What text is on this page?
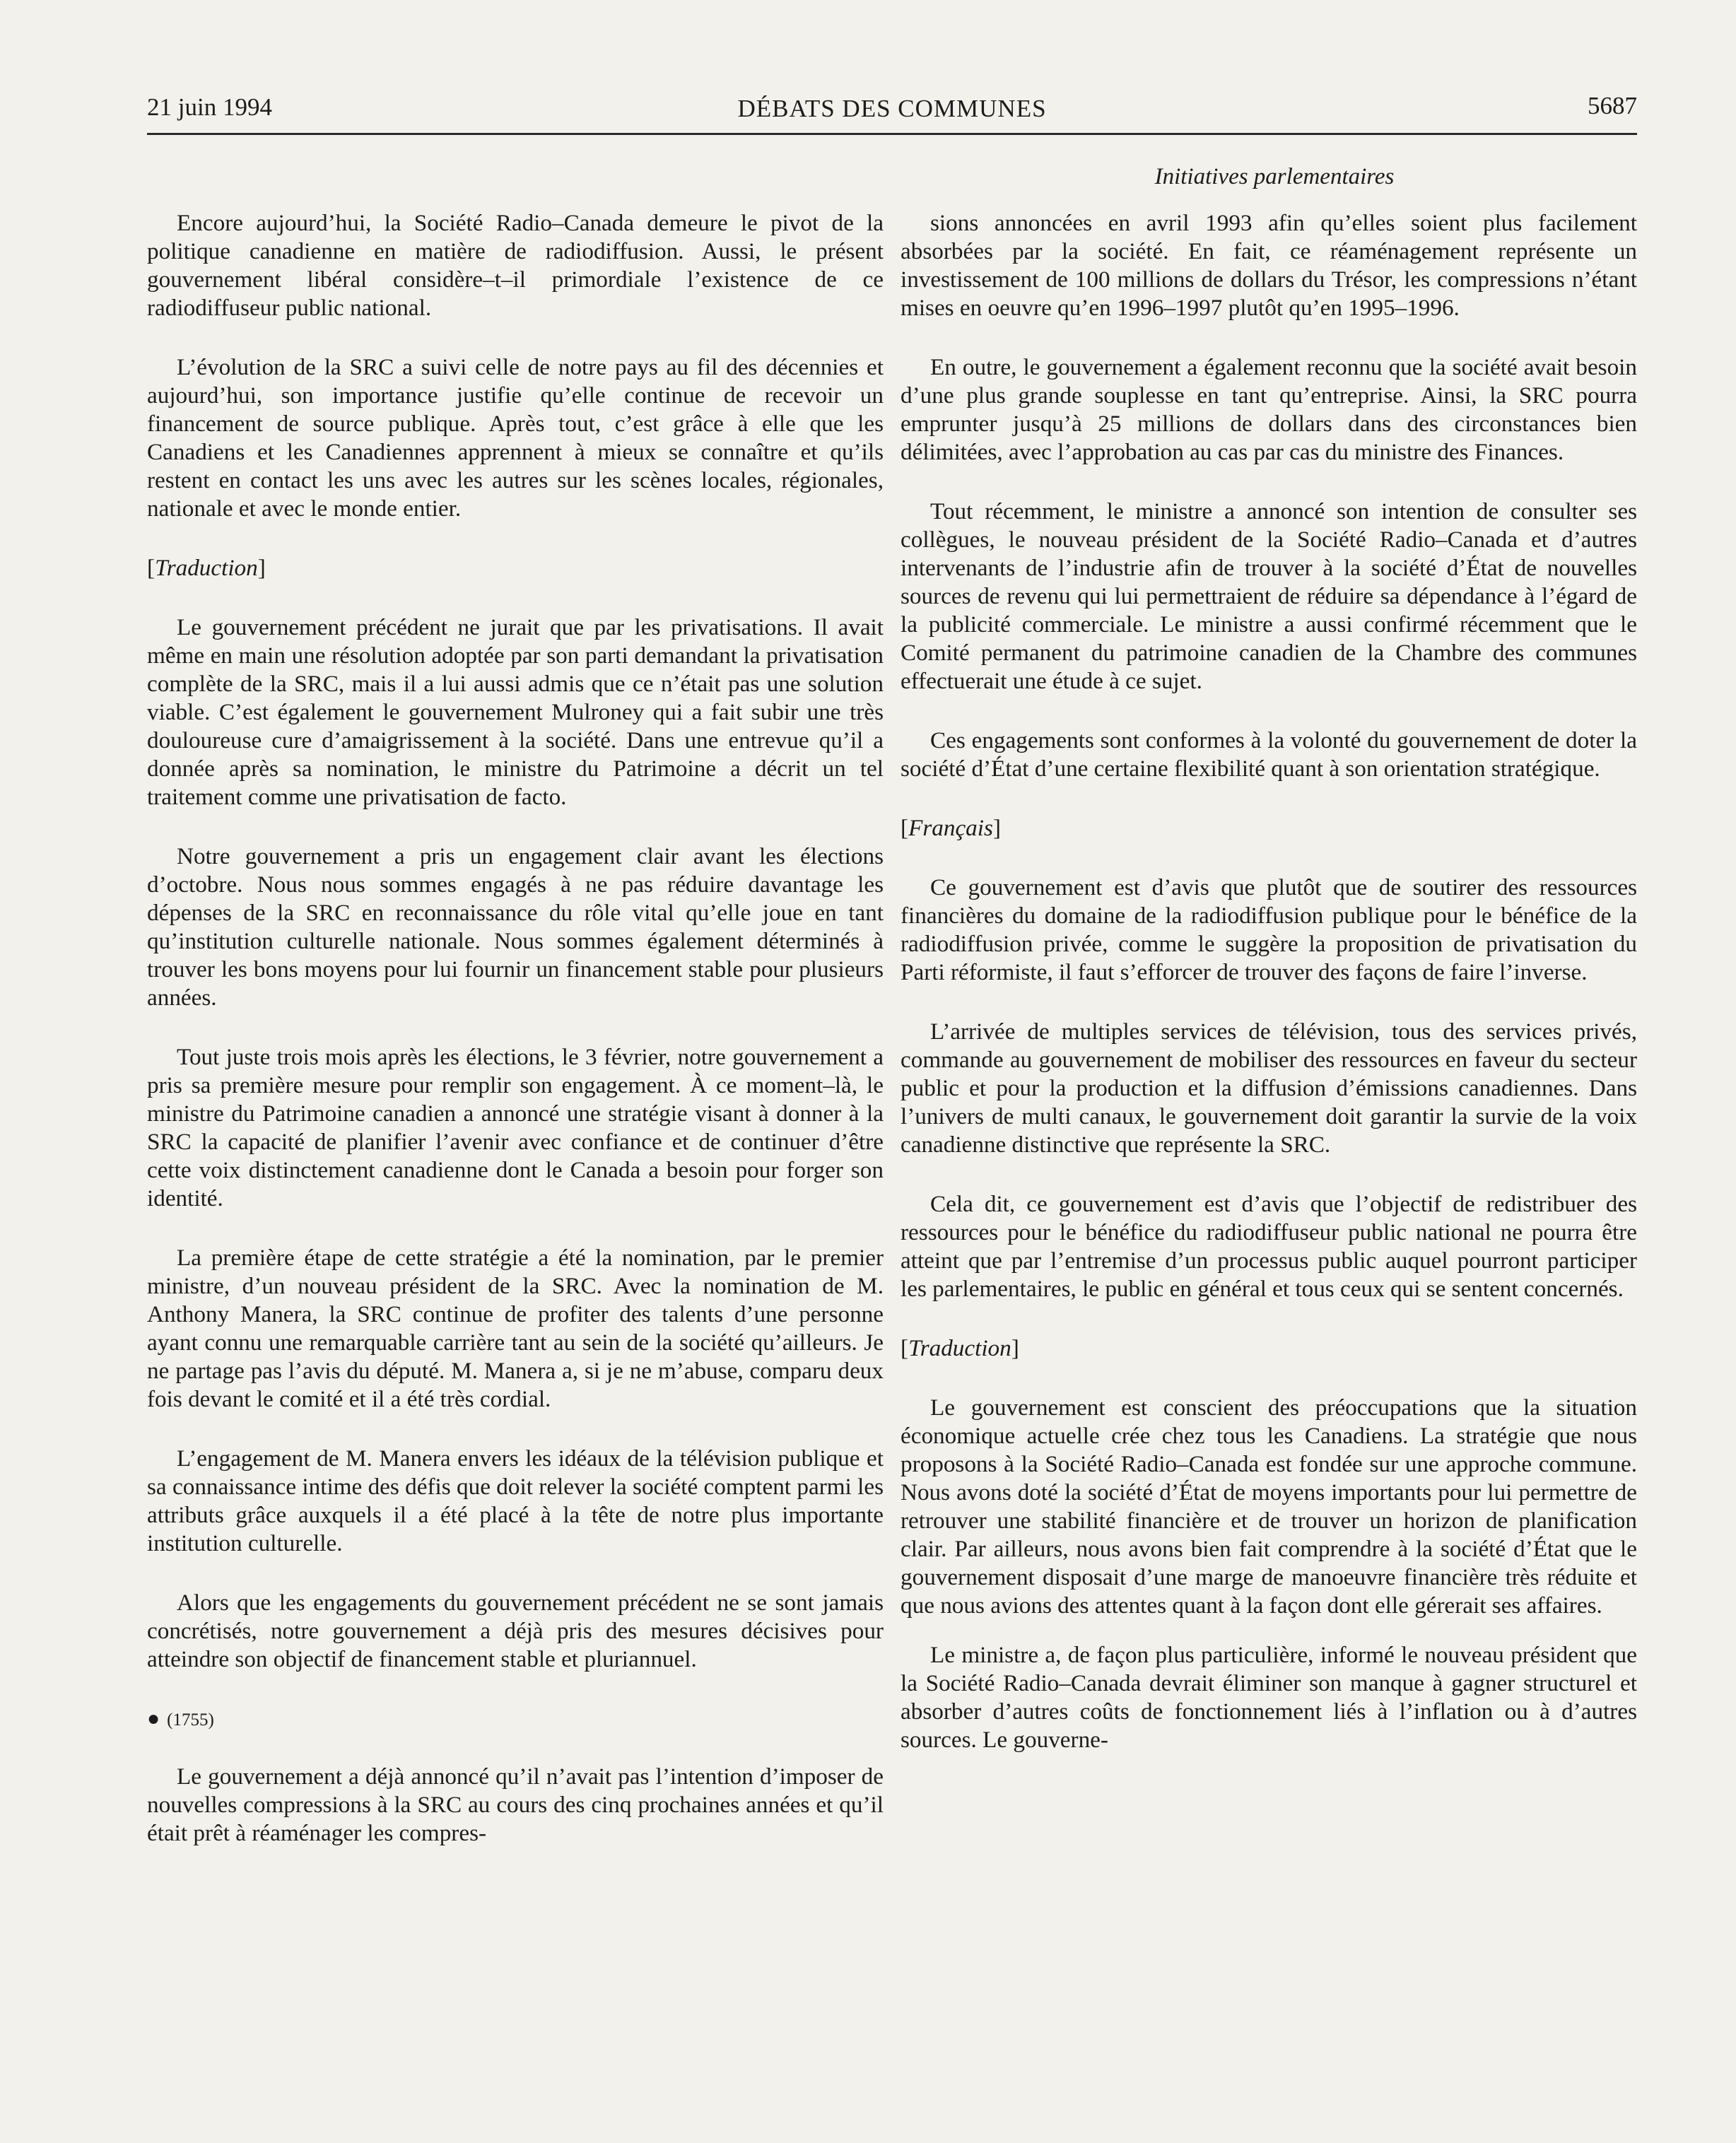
21 juin 1994	DÉBATS DES COMMUNES	5687
Initiatives parlementaires

Encore aujourd’hui, la Société Radio–Canada demeure le pivot de la politique canadienne en matière de radiodiffusion. Aussi, le présent gouvernement libéral considère–t–il primordiale l’existence de ce radiodiffuseur public national.

L’évolution de la SRC a suivi celle de notre pays au fil des décennies et aujourd’hui, son importance justifie qu’elle continue de recevoir un financement de source publique. Après tout, c’est grâce à elle que les Canadiens et les Canadiennes apprennent à mieux se connaître et qu’ils restent en contact les uns avec les autres sur les scènes locales, régionales, nationale et avec le monde entier.

[Traduction]

Le gouvernement précédent ne jurait que par les privatisations. Il avait même en main une résolution adoptée par son parti demandant la privatisation complète de la SRC, mais il a lui aussi admis que ce n’était pas une solution viable. C’est également le gouvernement Mulroney qui a fait subir une très douloureuse cure d’amaigrissement à la société. Dans une entrevue qu’il a donnée après sa nomination, le ministre du Patrimoine a décrit un tel traitement comme une privatisation de facto.

Notre gouvernement a pris un engagement clair avant les élections d’octobre. Nous nous sommes engagés à ne pas réduire davantage les dépenses de la SRC en reconnaissance du rôle vital qu’elle joue en tant qu’institution culturelle nationale. Nous sommes également déterminés à trouver les bons moyens pour lui fournir un financement stable pour plusieurs années.

Tout juste trois mois après les élections, le 3 février, notre gouvernement a pris sa première mesure pour remplir son engagement. À ce moment–là, le ministre du Patrimoine canadien a annoncé une stratégie visant à donner à la SRC la capacité de planifier l’avenir avec confiance et de continuer d’être cette voix distinctement canadienne dont le Canada a besoin pour forger son identité.

La première étape de cette stratégie a été la nomination, par le premier ministre, d’un nouveau président de la SRC. Avec la nomination de M. Anthony Manera, la SRC continue de profiter des talents d’une personne ayant connu une remarquable carrière tant au sein de la société qu’ailleurs. Je ne partage pas l’avis du député. M. Manera a, si je ne m’abuse, comparu deux fois devant le comité et il a été très cordial.

L’engagement de M. Manera envers les idéaux de la télévision publique et sa connaissance intime des défis que doit relever la société comptent parmi les attributs grâce auxquels il a été placé à la tête de notre plus importante institution culturelle.

Alors que les engagements du gouvernement précédent ne se sont jamais concrétisés, notre gouvernement a déjà pris des mesures décisives pour atteindre son objectif de financement stable et pluriannuel.

● (1755)

Le gouvernement a déjà annoncé qu’il n’avait pas l’intention d’imposer de nouvelles compressions à la SRC au cours des cinq prochaines années et qu’il était prêt à réaménager les compres-

sions annoncées en avril 1993 afin qu’elles soient plus facilement absorbées par la société. En fait, ce réaménagement représente un investissement de 100 millions de dollars du Trésor, les compressions n’étant mises en oeuvre qu’en 1996–1997 plutôt qu’en 1995–1996.

En outre, le gouvernement a également reconnu que la société avait besoin d’une plus grande souplesse en tant qu’entreprise. Ainsi, la SRC pourra emprunter jusqu’à 25 millions de dollars dans des circonstances bien délimitées, avec l’approbation au cas par cas du ministre des Finances.

Tout récemment, le ministre a annoncé son intention de consulter ses collègues, le nouveau président de la Société Radio–Canada et d’autres intervenants de l’industrie afin de trouver à la société d’État de nouvelles sources de revenu qui lui permettraient de réduire sa dépendance à l’égard de la publicité commerciale. Le ministre a aussi confirmé récemment que le Comité permanent du patrimoine canadien de la Chambre des communes effectuerait une étude à ce sujet.

Ces engagements sont conformes à la volonté du gouvernement de doter la société d’État d’une certaine flexibilité quant à son orientation stratégique.

[Français]

Ce gouvernement est d’avis que plutôt que de soutirer des ressources financières du domaine de la radiodiffusion publique pour le bénéfice de la radiodiffusion privée, comme le suggère la proposition de privatisation du Parti réformiste, il faut s’efforcer de trouver des façons de faire l’inverse.

L’arrivée de multiples services de télévision, tous des services privés, commande au gouvernement de mobiliser des ressources en faveur du secteur public et pour la production et la diffusion d’émissions canadiennes. Dans l’univers de multi canaux, le gouvernement doit garantir la survie de la voix canadienne distinctive que représente la SRC.

Cela dit, ce gouvernement est d’avis que l’objectif de redistribuer des ressources pour le bénéfice du radiodiffuseur public national ne pourra être atteint que par l’entremise d’un processus public auquel pourront participer les parlementaires, le public en général et tous ceux qui se sentent concernés.

[Traduction]

Le gouvernement est conscient des préoccupations que la situation économique actuelle crée chez tous les Canadiens. La stratégie que nous proposons à la Société Radio–Canada est fondée sur une approche commune. Nous avons doté la société d’État de moyens importants pour lui permettre de retrouver une stabilité financière et de trouver un horizon de planification clair. Par ailleurs, nous avons bien fait comprendre à la société d’État que le gouvernement disposait d’une marge de manoeuvre financière très réduite et que nous avions des attentes quant à la façon dont elle gérerait ses affaires.

Le ministre a, de façon plus particulière, informé le nouveau président que la Société Radio–Canada devrait éliminer son manque à gagner structurel et absorber d’autres coûts de fonctionnement liés à l’inflation ou à d’autres sources. Le gouverne-
